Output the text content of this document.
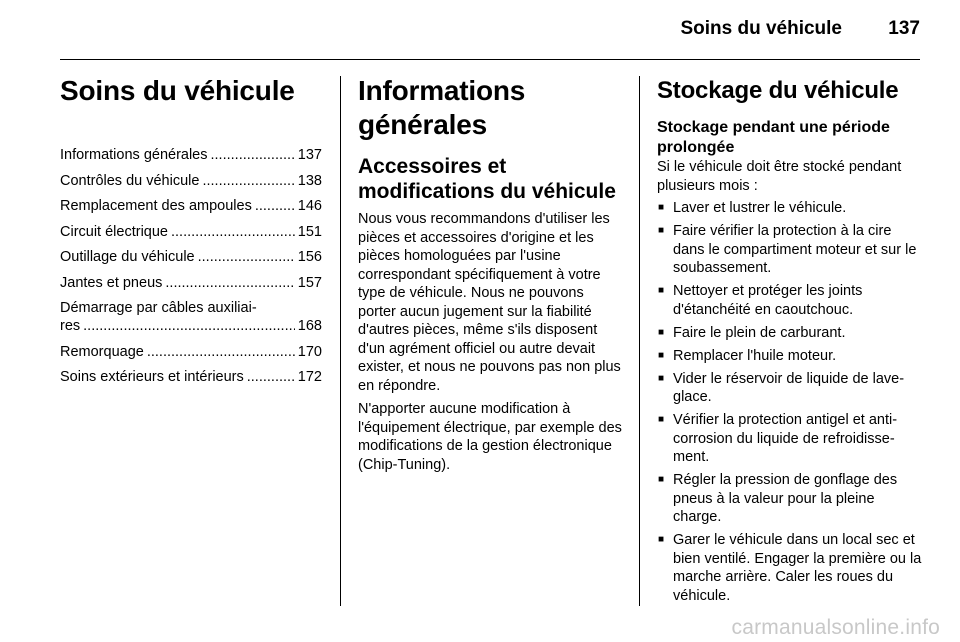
Soins du véhicule 137
Soins du véhicule
Informations générales .....	137
Contrôles du véhicule .....	138
Remplacement des ampoules .....	146
Circuit électrique .....	151
Outillage du véhicule .....	156
Jantes et pneus .....	157
Démarrage par câbles auxiliai-
res .....	168
Remorquage .....	170
Soins extérieurs et intérieurs .....	172
Informations générales
Accessoires et modifications du véhicule

Nous vous recommandons d'utiliser les pièces et accessoires d'origine et les pièces homologuées par l'usine correspondant spécifiquement à votre type de véhicule. Nous ne pouvons porter aucun jugement sur la fiabilité d'autres pièces, même s'ils disposent d'un agrément officiel ou autre devait exister, et nous ne pouvons pas non plus en répondre.

N'apporter aucune modification à l'équipement électrique, par exemple des modifications de la gestion électronique (Chip-Tuning).

Stockage du véhicule
Stockage pendant une période prolongée

Si le véhicule doit être stocké pendant plusieurs mois :

■ Laver et lustrer le véhicule.
■ Faire vérifier la protection à la cire dans le compartiment moteur et sur le soubassement.
■ Nettoyer et protéger les joints d'étanchéité en caoutchouc.
■ Faire le plein de carburant.
■ Remplacer l'huile moteur.
■ Vider le réservoir de liquide de lave-glace.
■ Vérifier la protection antigel et anti-corrosion du liquide de refroidisse-ment.
■ Régler la pression de gonflage des pneus à la valeur pour la pleine charge.
■ Garer le véhicule dans un local sec et bien ventilé. Engager la première ou la marche arrière. Caler les roues du véhicule.
carmanualsonline.info
